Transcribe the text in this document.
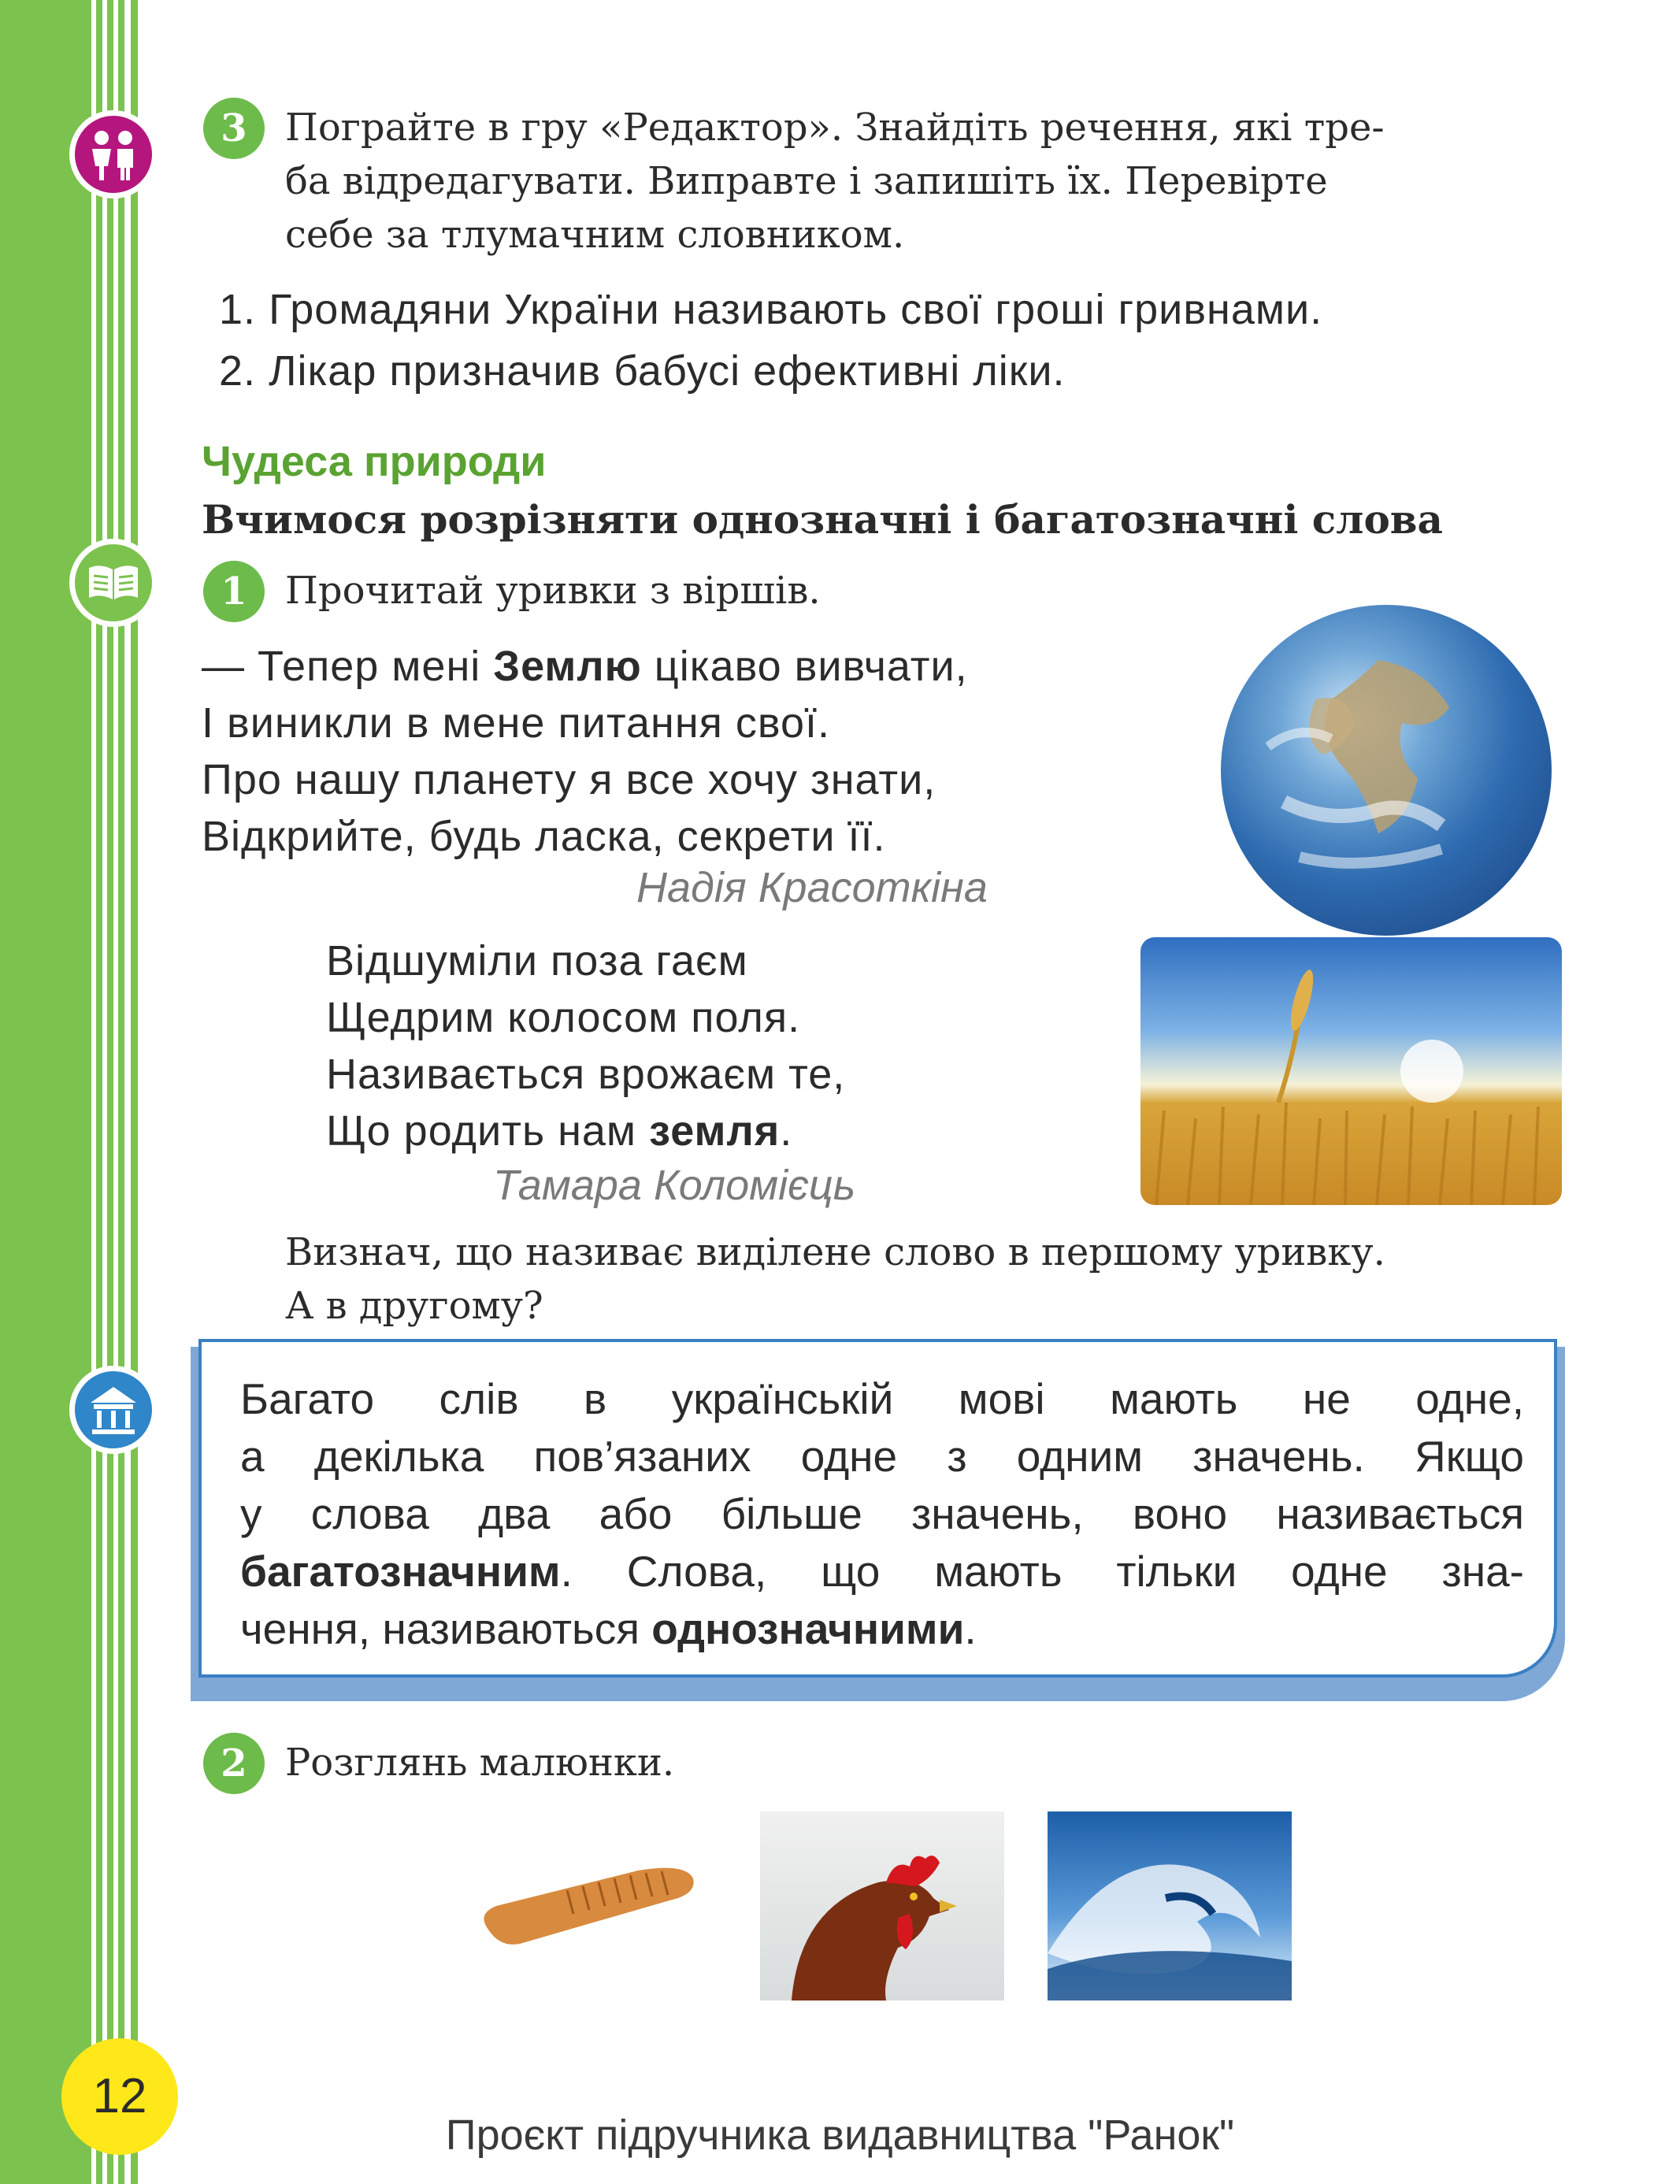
3	Пограйте в гру «Редактор». Знайдіть речення, які тре-
ба відредагувати. Виправте і запишіть їх. Перевірте
себе за тлумачним словником.
1. Громадяни України називають свої гроші гривнами.
2. Лікар призначив бабусі ефективні ліки.
Чудеса природи
Вчимося розрізняти однозначні і багатозначні слова
1	Прочитай уривки з віршів.
— Тепер мені Землю цікаво вивчати,
І виникли в мене питання свої.
Про нашу планету я все хочу знати,
Відкрийте, будь ласка, секрети її.
Надія Красоткіна
Відшуміли поза гаєм
Щедрим колосом поля.
Називається врожаєм те,
Що родить нам земля.
Тамара Коломієць
Визнач, що називає виділене слово в першому уривку.
А в другому?
Багато слів в українській мові мають не одне,
а декілька пов’язаних одне з одним значень. Якщо
у слова два або більше значень, воно називається
багатозначним. Слова, що мають тільки одне зна-
чення, називаються однозначними.
2	Розглянь малюнки.
12
Проєкт підручника видавництва "Ранок"
